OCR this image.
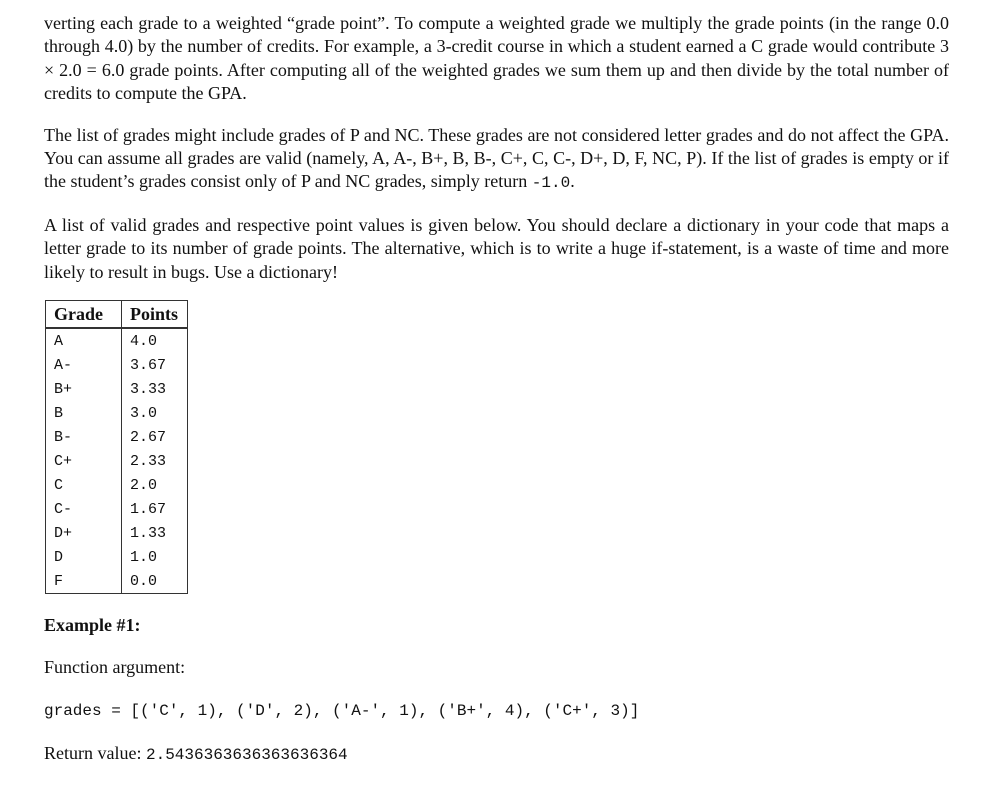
verting each grade to a weighted “grade point”. To compute a weighted grade we multiply the grade points (in the range 0.0 through 4.0) by the number of credits. For example, a 3-credit course in which a student earned a C grade would contribute 3 × 2.0 = 6.0 grade points. After computing all of the weighted grades we sum them up and then divide by the total number of credits to compute the GPA.

The list of grades might include grades of P and NC. These grades are not considered letter grades and do not affect the GPA. You can assume all grades are valid (namely, A, A-, B+, B, B-, C+, C, C-, D+, D, F, NC, P). If the list of grades is empty or if the student’s grades consist only of P and NC grades, simply return -1.0.

A list of valid grades and respective point values is given below. You should declare a dictionary in your code that maps a letter grade to its number of grade points. The alternative, which is to write a huge if-statement, is a waste of time and more likely to result in bugs. Use a dictionary!

Grade	Points
A	4.0
A-	3.67
B+	3.33
B	3.0
B-	2.67
C+	2.33
C	2.0
C-	1.67
D+	1.33
D	1.0
F	0.0
Example #1:
Function argument:
grades = [('C', 1), ('D', 2), ('A-', 1), ('B+', 4), ('C+', 3)]
Return value: 2.5436363636363636364
